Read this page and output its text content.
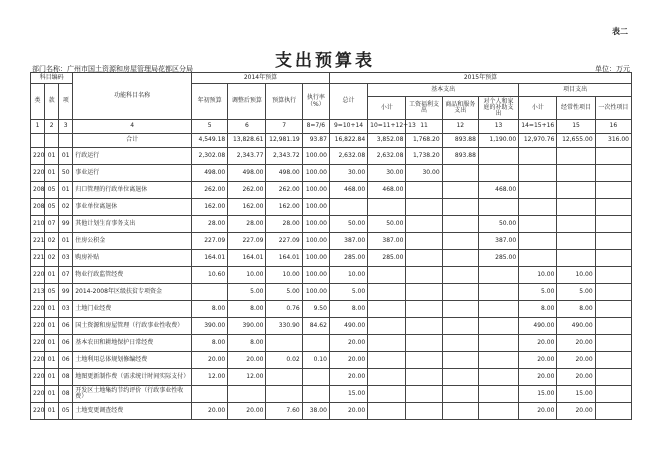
表二
支出预算表
部门名称：广州市国土资源和房屋管理局花都区分局	单位：万元
科目编码			功能科目名称	2014年预算				2015年预算							
类	款	项		年初预算	调整后预算	预算执行	执行率（%）	总计	基本支出				项目支出		
									小计	工资福利支出	商品和服务支出	对个人和家庭的补助支出	小计	经常性项目	一次性项目
1	2	3	4	5	6	7	8=7/6	9=10+14	10=11+12+13	11	12	13	14=15+16	15	16
			合计	4,549.18	13,828.61	12,981.19	93.87	16,822.84	3,852.08	1,768.20	893.88	1,190.00	12,970.76	12,655.00	316.00
220	01	01	行政运行	2,302.08	2,343.77	2,343.72	100.00	2,632.08	2,632.08	1,738.20	893.88				
220	01	50	事业运行	498.00	498.00	498.00	100.00	30.00	30.00	30.00					
208	05	01	归口管理的行政单位离退休	262.00	262.00	262.00	100.00	468.00	468.00			468.00			
208	05	02	事业单位离退休	162.00	162.00	162.00	100.00								
210	07	99	其他计划生育事务支出	28.00	28.00	28.00	100.00	50.00	50.00			50.00			
221	02	01	住房公积金	227.09	227.09	227.09	100.00	387.00	387.00			387.00			
221	02	03	购房补贴	164.01	164.01	164.01	100.00	285.00	285.00			285.00			
220	01	07	物业行政监管经费	10.60	10.00	10.00	100.00	10.00					10.00	10.00	
213	05	99	2014-2008年区级扶贫专项资金		5.00	5.00	100.00	5.00					5.00	5.00	
220	01	03	土地门业经费	8.00	8.00	0.76	9.50	8.00					8.00	8.00	
220	01	06	国土资源和房屋管理（行政事业性收费）	390.00	390.00	330.90	84.62	490.00					490.00	490.00	
220	01	06	基本农田和耕地保护日常经费	8.00	8.00			20.00					20.00	20.00	
220	01	06	土地利用总体规划修编经费	20.00	20.00	0.02	0.10	20.00					20.00	20.00	
220	01	08	地图更新制作费（需求统计时间实际支付）	12.00	12.00			20.00					20.00	20.00	
220	01	08	开发区土地集约节约评价（行政事业性收费）					15.00					15.00	15.00	
220	01	05	土地变更调查经费	20.00	20.00	7.60	38.00	20.00					20.00	20.00	
